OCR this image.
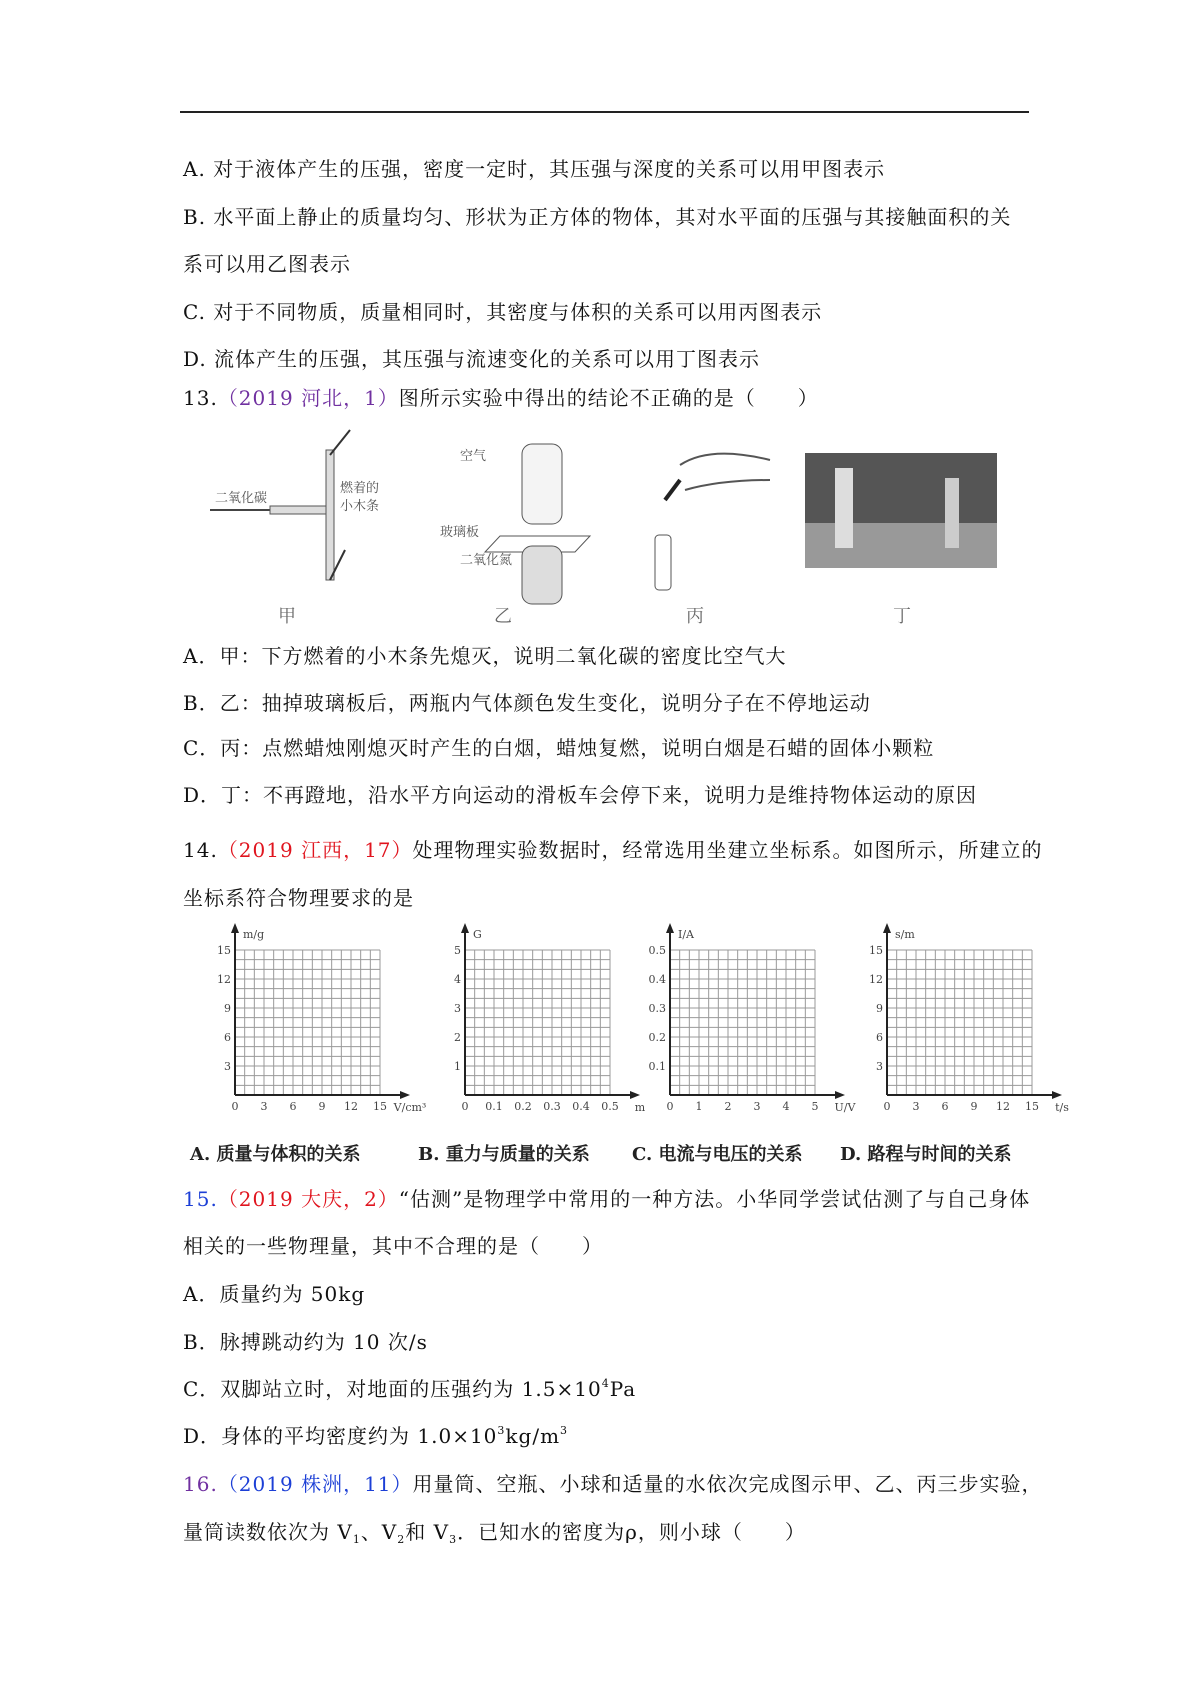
A. 对于液体产生的压强，密度一定时，其压强与深度的关系可以用甲图表示
B. 水平面上静止的质量均匀、形状为正方体的物体，其对水平面的压强与其接触面积的关
系可以用乙图表示
C. 对于不同物质，质量相同时，其密度与体积的关系可以用丙图表示
D. 流体产生的压强，其压强与流速变化的关系可以用丁图表示
13.（2019 河北，1）图所示实验中得出的结论不正确的是（　　）
二氧化碳
燃着的
小木条
空气
玻璃板
二氧化氮
甲	乙	丙	丁
A．甲：下方燃着的小木条先熄灭，说明二氧化碳的密度比空气大
B．乙：抽掉玻璃板后，两瓶内气体颜色发生变化，说明分子在不停地运动
C．丙：点燃蜡烛刚熄灭时产生的白烟，蜡烛复燃，说明白烟是石蜡的固体小颗粒
D．丁：不再蹬地，沿水平方向运动的滑板车会停下来，说明力是维持物体运动的原因
14.（2019 江西，17）处理物理实验数据时，经常选用坐建立坐标系。如图所示，所建立的
坐标系符合物理要求的是
m/g
3
6
9
12
15
0 3 6 9 12 15 V/cm³
G
1
2
3
4
5
0 0.1 0.2 0.3 0.4 0.5 m
I/A
0.1
0.2
0.3
0.4
0.5
0 1 2 3 4 5 U/V
s/m
3
6
9
12
15
0 3 6 9 12 15 t/s
A. 质量与体积的关系	B. 重力与质量的关系 C. 电流与电压的关系 D. 路程与时间的关系
15.（2019 大庆，2）“估测”是物理学中常用的一种方法。小华同学尝试估测了与自己身体
相关的一些物理量，其中不合理的是（　　）
A．质量约为 50kg
B．脉搏跳动约为 10 次/s
C．双脚站立时，对地面的压强约为 $1.5\times 10^4Pa$
D．身体的平均密度约为 $1.0\times 10^3kg/m^3$
16.（2019 株洲，11）用量筒、空瓶、小球和适量的水依次完成图示甲、乙、丙三步实验，
量筒读数依次为 $V_1$、$V_2$和 $V_3$．已知水的密度为ρ，则小球（　　）
